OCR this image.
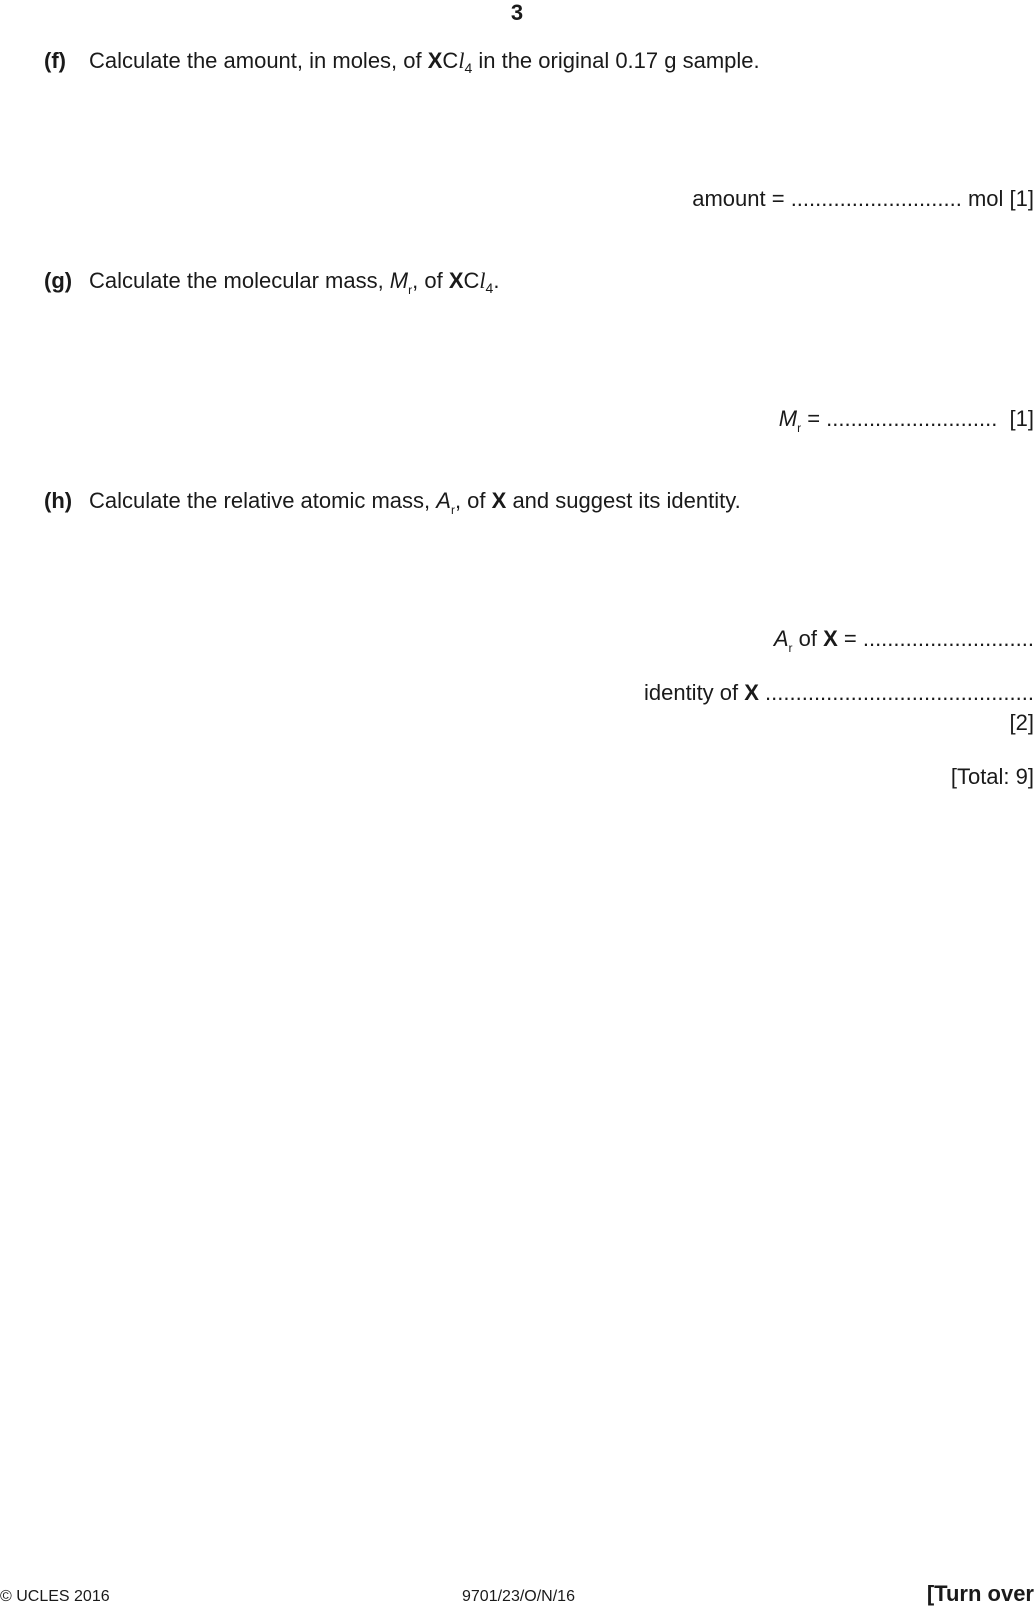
3
(f) Calculate the amount, in moles, of XCl$_4$ in the original 0.17 g sample.
amount = ............................ mol [1]
(g) Calculate the molecular mass, $M_r$, of XCl$_4$.
$M_r$ = ............................  [1]
(h) Calculate the relative atomic mass, $A_r$, of X and suggest its identity.
$A_r$ of X = ............................
identity of X ............................................
[2]
[Total: 9]
© UCLES 2016	9701/23/O/N/16	[Turn over
